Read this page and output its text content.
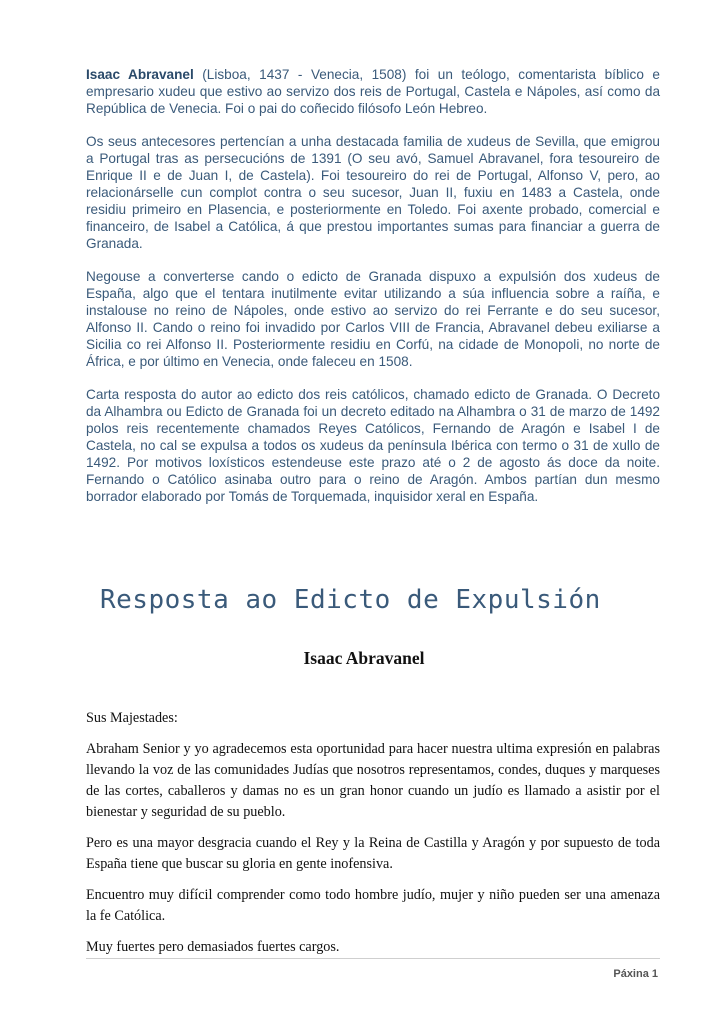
Isaac Abravanel (Lisboa, 1437 - Venecia, 1508) foi un teólogo, comentarista bíblico e empresario xudeu que estivo ao servizo dos reis de Portugal, Castela e Nápoles, así como da República de Venecia. Foi o pai do coñecido filósofo León Hebreo.

Os seus antecesores pertencían a unha destacada familia de xudeus de Sevilla, que emigrou a Portugal tras as persecucións de 1391 (O seu avó, Samuel Abravanel, fora tesoureiro de Enrique II e de Juan I, de Castela). Foi tesoureiro do rei de Portugal, Alfonso V, pero, ao relacionárselle cun complot contra o seu sucesor, Juan II, fuxiu en 1483 a Castela, onde residiu primeiro en Plasencia, e posteriormente en Toledo. Foi axente probado, comercial e financeiro, de Isabel a Católica, á que prestou importantes sumas para financiar a guerra de Granada.

Negouse a converterse cando o edicto de Granada dispuxo a expulsión dos xudeus de España, algo que el tentara inutilmente evitar utilizando a súa influencia sobre a raíña, e instalouse no reino de Nápoles, onde estivo ao servizo do rei Ferrante e do seu sucesor, Alfonso II. Cando o reino foi invadido por Carlos VIII de Francia, Abravanel debeu exiliarse a Sicilia co rei Alfonso II. Posteriormente residiu en Corfú, na cidade de Monopoli, no norte de África, e por último en Venecia, onde faleceu en 1508.

Carta resposta do autor ao edicto dos reis católicos, chamado edicto de Granada. O Decreto da Alhambra ou Edicto de Granada foi un decreto editado na Alhambra o 31 de marzo de 1492 polos reis recentemente chamados Reyes Católicos, Fernando de Aragón e Isabel I de Castela, no cal se expulsa a todos os xudeus da península Ibérica con termo o 31 de xullo de 1492. Por motivos loxísticos estendeuse este prazo até o 2 de agosto ás doce da noite. Fernando o Católico asinaba outro para o reino de Aragón. Ambos partían dun mesmo borrador elaborado por Tomás de Torquemada, inquisidor xeral en España.

Resposta ao Edicto de Expulsión
Isaac Abravanel

Sus Majestades:

Abraham Senior y yo agradecemos esta oportunidad para hacer nuestra ultima expresión en palabras llevando la voz de las comunidades Judías que nosotros representamos, condes, duques y marqueses de las cortes, caballeros y damas no es un gran honor cuando un judío es llamado a asistir por el bienestar y seguridad de su pueblo.

Pero es una mayor desgracia cuando el Rey y la Reina de Castilla y Aragón y por supuesto de toda España tiene que buscar su gloria en gente inofensiva.

Encuentro muy difícil comprender como todo hombre judío, mujer y niño pueden ser una amenaza la fe Católica.

Muy fuertes pero demasiados fuertes cargos.

Páxina 1
